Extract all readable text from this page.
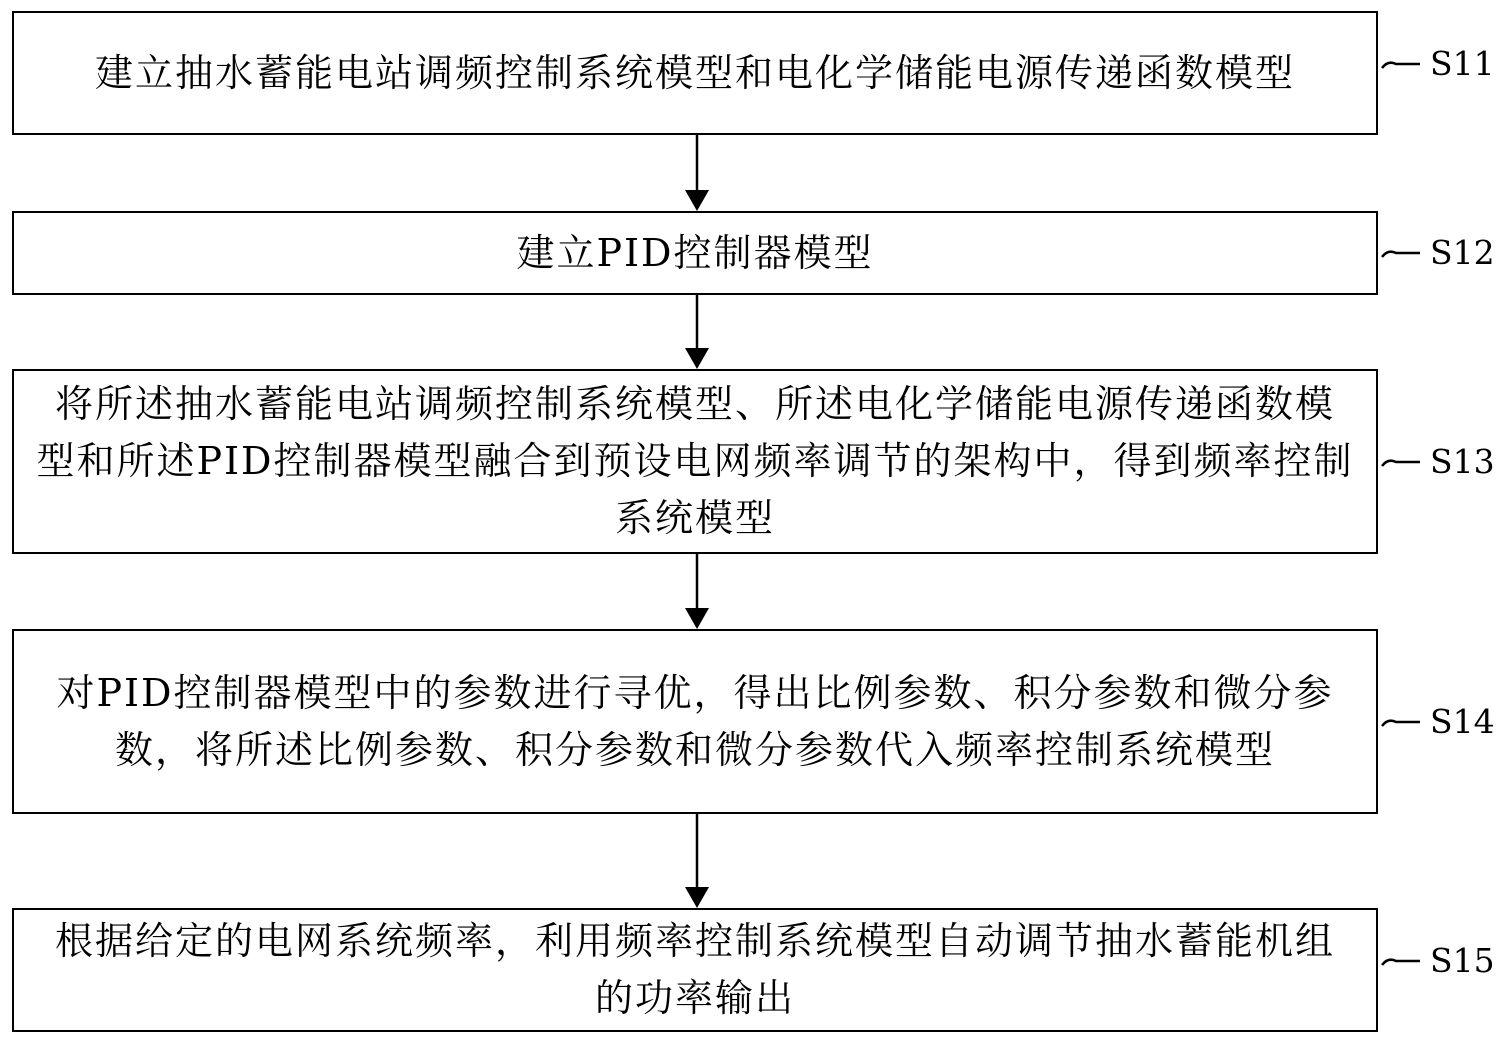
建立抽水蓄能电站调频控制系统模型和电化学储能电源传递函数模型
建立PID控制器模型
将所述抽水蓄能电站调频控制系统模型、所述电化学储能电源传递函数模型和所述PID控制器模型融合到预设电网频率调节的架构中，得到频率控制系统模型
对PID控制器模型中的参数进行寻优，得出比例参数、积分参数和微分参数，将所述比例参数、积分参数和微分参数代入频率控制系统模型
根据给定的电网系统频率，利用频率控制系统模型自动调节抽水蓄能机组的功率输出
S11
S12
S13
S14
S15
